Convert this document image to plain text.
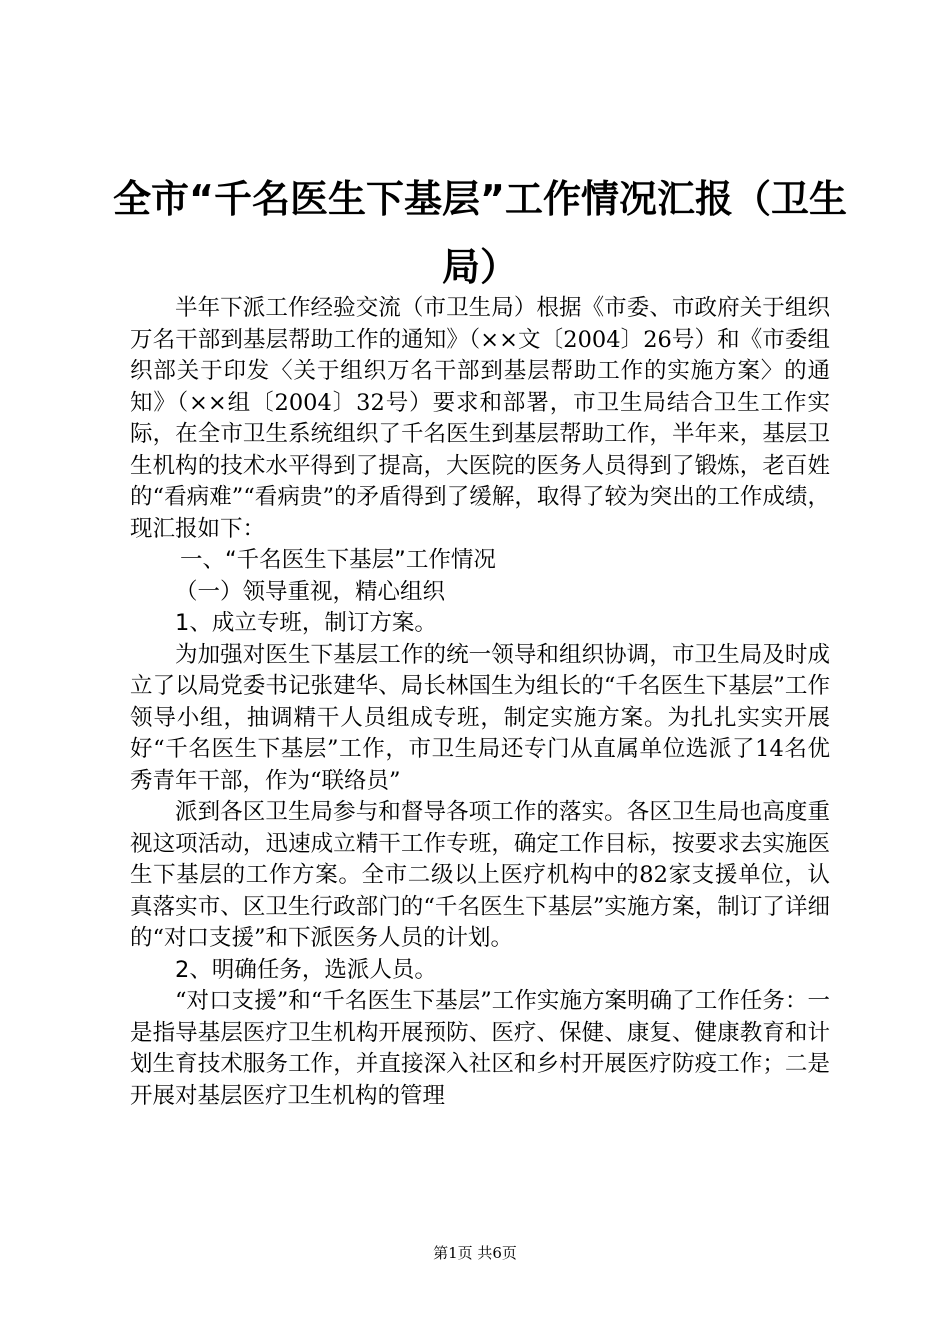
全市“千名医生下基层”工作情况汇报（卫生局）

半年下派工作经验交流（市卫生局）根据《市委、市政府关于组织万名干部到基层帮助工作的通知》（××文〔2004〕26号）和《市委组织部关于印发〈关于组织万名干部到基层帮助工作的实施方案〉的通知》（××组〔2004〕32号）要求和部署，市卫生局结合卫生工作实际，在全市卫生系统组织了千名医生到基层帮助工作，半年来，基层卫生机构的技术水平得到了提高，大医院的医务人员得到了锻炼，老百姓的“看病难”“看病贵”的矛盾得到了缓解，取得了较为突出的工作成绩，现汇报如下：

一、“千名医生下基层”工作情况
（一）领导重视，精心组织
1、成立专班，制订方案。

为加强对医生下基层工作的统一领导和组织协调，市卫生局及时成立了以局党委书记张建华、局长林国生为组长的“千名医生下基层”工作领导小组，抽调精干人员组成专班，制定实施方案。为扎扎实实开展好“千名医生下基层”工作，市卫生局还专门从直属单位选派了14名优秀青年干部，作为“联络员”

派到各区卫生局参与和督导各项工作的落实。各区卫生局也高度重视这项活动，迅速成立精干工作专班，确定工作目标，按要求去实施医生下基层的工作方案。全市二级以上医疗机构中的82家支援单位，认真落实市、区卫生行政部门的“千名医生下基层”实施方案，制订了详细的“对口支援”和下派医务人员的计划。

2、明确任务，选派人员。

“对口支援”和“千名医生下基层”工作实施方案明确了工作任务：一是指导基层医疗卫生机构开展预防、医疗、保健、康复、健康教育和计划生育技术服务工作，并直接深入社区和乡村开展医疗防疫工作；二是开展对基层医疗卫生机构的管理

第1页 共6页
